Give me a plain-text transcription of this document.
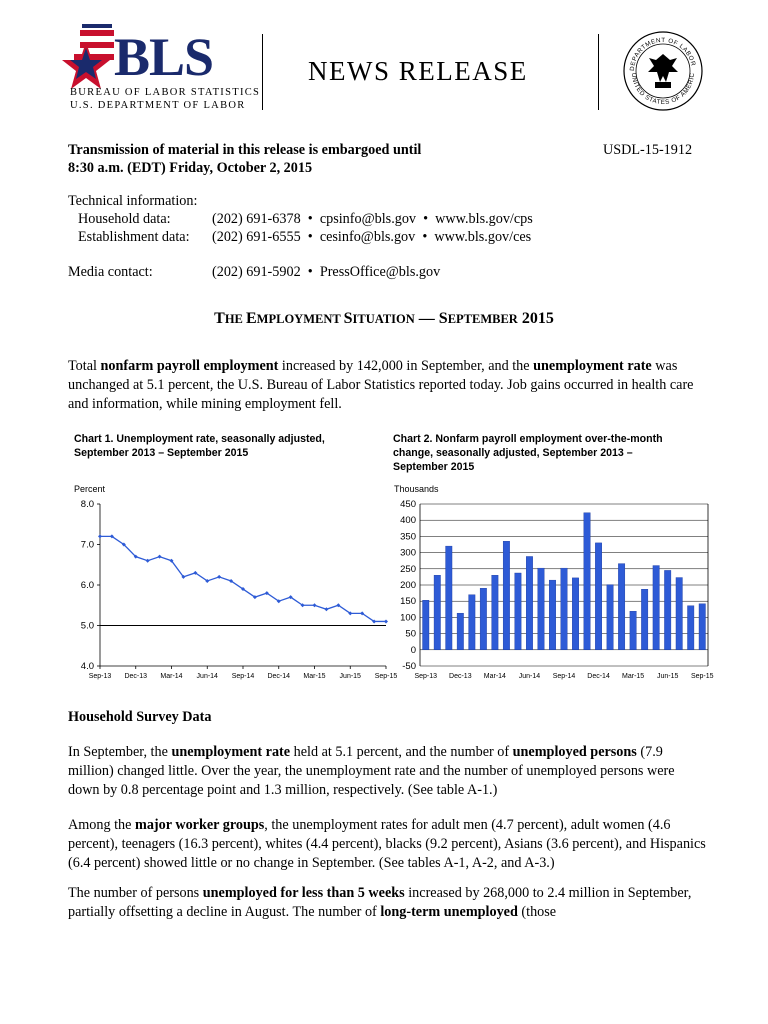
BLS
BUREAU OF LABOR STATISTICS
U.S. DEPARTMENT OF LABOR
NEWS RELEASE	DEPARTMENT OF LABOR
UNITED STATES OF AMERIC
Transmission of material in this release is embargoed until
8:30 a.m. (EDT) Friday, October 2, 2015
USDL-15-1912
Technical information:
Household data:	(202) 691-6378  •  cpsinfo@bls.gov  •  www.bls.gov/cps
Establishment data: (202) 691-6555  •  cesinfo@bls.gov  •  www.bls.gov/ces
Media contact:	(202) 691-5902  •  PressOffice@bls.gov
THE EMPLOYMENT SITUATION — SEPTEMBER 2015

Total nonfarm payroll employment increased by 142,000 in September, and the unemployment rate was unchanged at 5.1 percent, the U.S. Bureau of Labor Statistics reported today. Job gains occurred in health care and information, while mining employment fell.

Chart 1. Unemployment rate, seasonally adjusted,
September 2013 – September 2015
Percent
8.0
7.0
6.0
5.0
4.0
Sep-13 Dec-13 Mar-14 Jun-14 Sep-14 Dec-14 Mar-15 Jun-15 Sep-15
Chart 2. Nonfarm payroll employment over-the-month
change, seasonally adjusted, September 2013 –
September 2015
Thousands
450
400
350
300
250
200
150
100
50
0
-50
Sep-13 Dec-13 Mar-14 Jun-14 Sep-14 Dec-14 Mar-15 Jun-15 Sep-15
Household Survey Data

In September, the unemployment rate held at 5.1 percent, and the number of unemployed persons (7.9 million) changed little. Over the year, the unemployment rate and the number of unemployed persons were down by 0.8 percentage point and 1.3 million, respectively. (See table A-1.)

Among the major worker groups, the unemployment rates for adult men (4.7 percent), adult women (4.6 percent), teenagers (16.3 percent), whites (4.4 percent), blacks (9.2 percent), Asians (3.6 percent), and Hispanics (6.4 percent) showed little or no change in September. (See tables A-1, A-2, and A-3.)

The number of persons unemployed for less than 5 weeks increased by 268,000 to 2.4 million in September, partially offsetting a decline in August. The number of long-term unemployed (those
